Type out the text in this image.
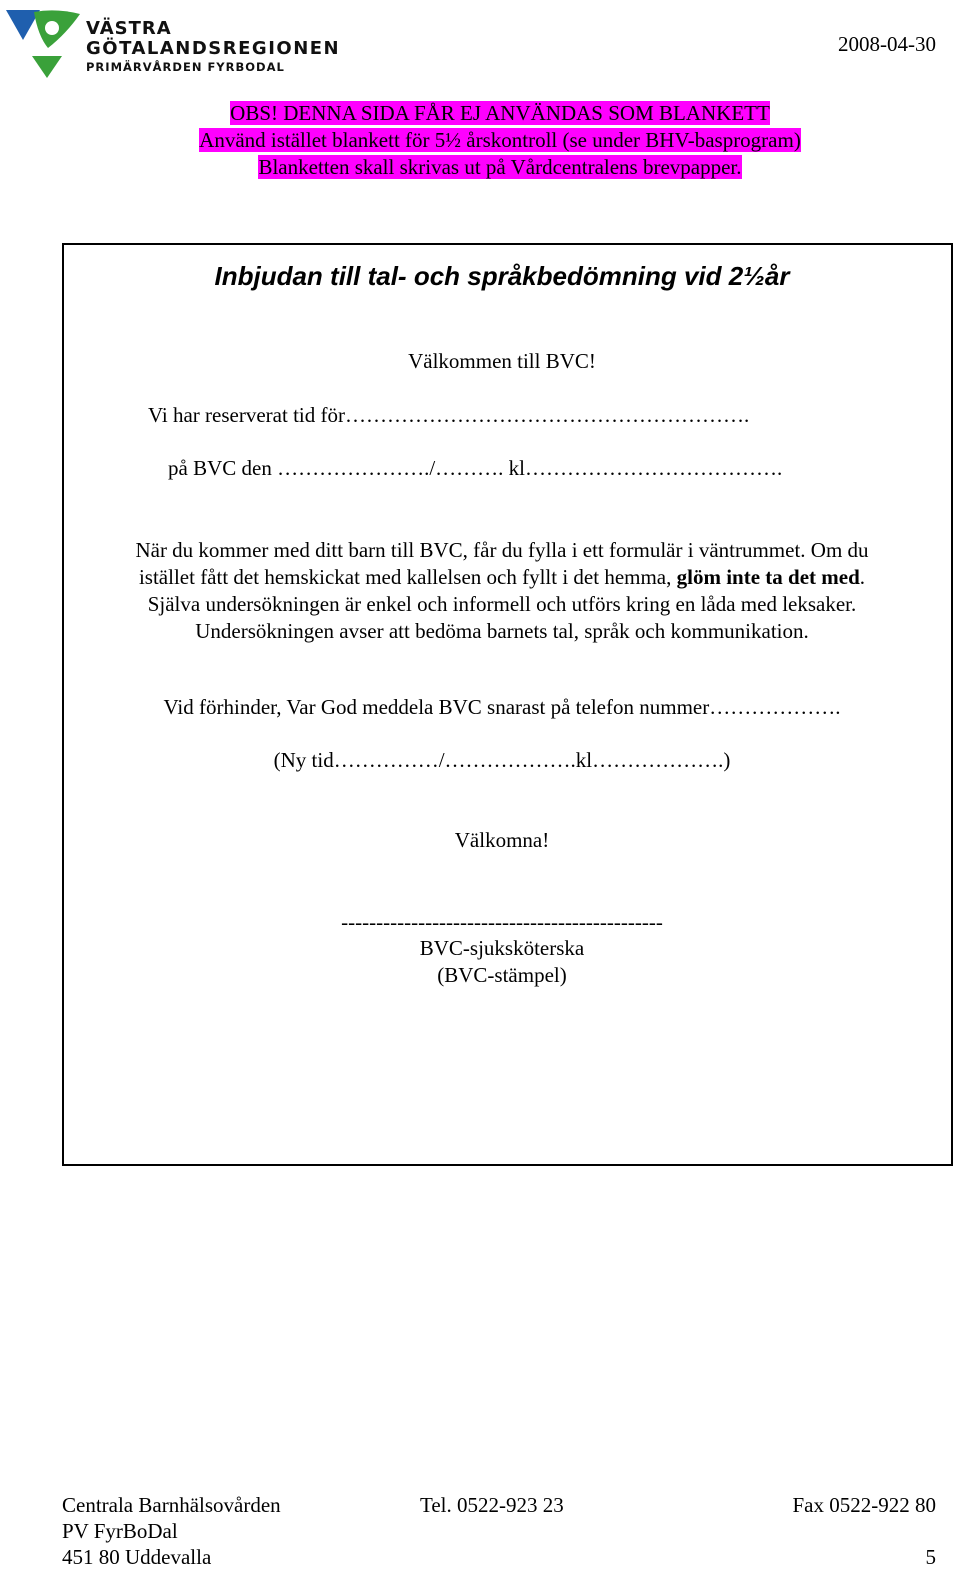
VÄSTRA
GÖTALANDSREGIONEN
PRIMÄRVÅRDEN FYRBODAL
2008-04-30
OBS! DENNA SIDA FÅR EJ ANVÄNDAS SOM BLANKETT
Använd istället blankett för 5½ årskontroll (se under BHV-basprogram)
Blanketten skall skrivas ut på Vårdcentralens brevpapper.
Inbjudan till tal- och språkbedömning vid 2½år
Välkommen till BVC!
Vi har reserverat tid för………………………………………………….
på BVC den …………………./………. kl……………………………….
När du kommer med ditt barn till BVC, får du fylla i ett formulär i väntrummet. Om du
istället fått det hemskickat med kallelsen och fyllt i det hemma, glöm inte ta det med.
Själva undersökningen är enkel och informell och utförs kring en låda med leksaker.
Undersökningen avser att bedöma barnets tal, språk och kommunikation.
Vid förhinder, Var God meddela BVC snarast på telefon nummer……………….
(Ny tid……………/……………….kl……………….)
Välkomna!
----------------------------------------------
BVC-sjuksköterska
(BVC-stämpel)
Centrala Barnhälsovården	Tel. 0522-923 23	Fax 0522-922 80
PV FyrBoDal
451 80 Uddevalla	5
